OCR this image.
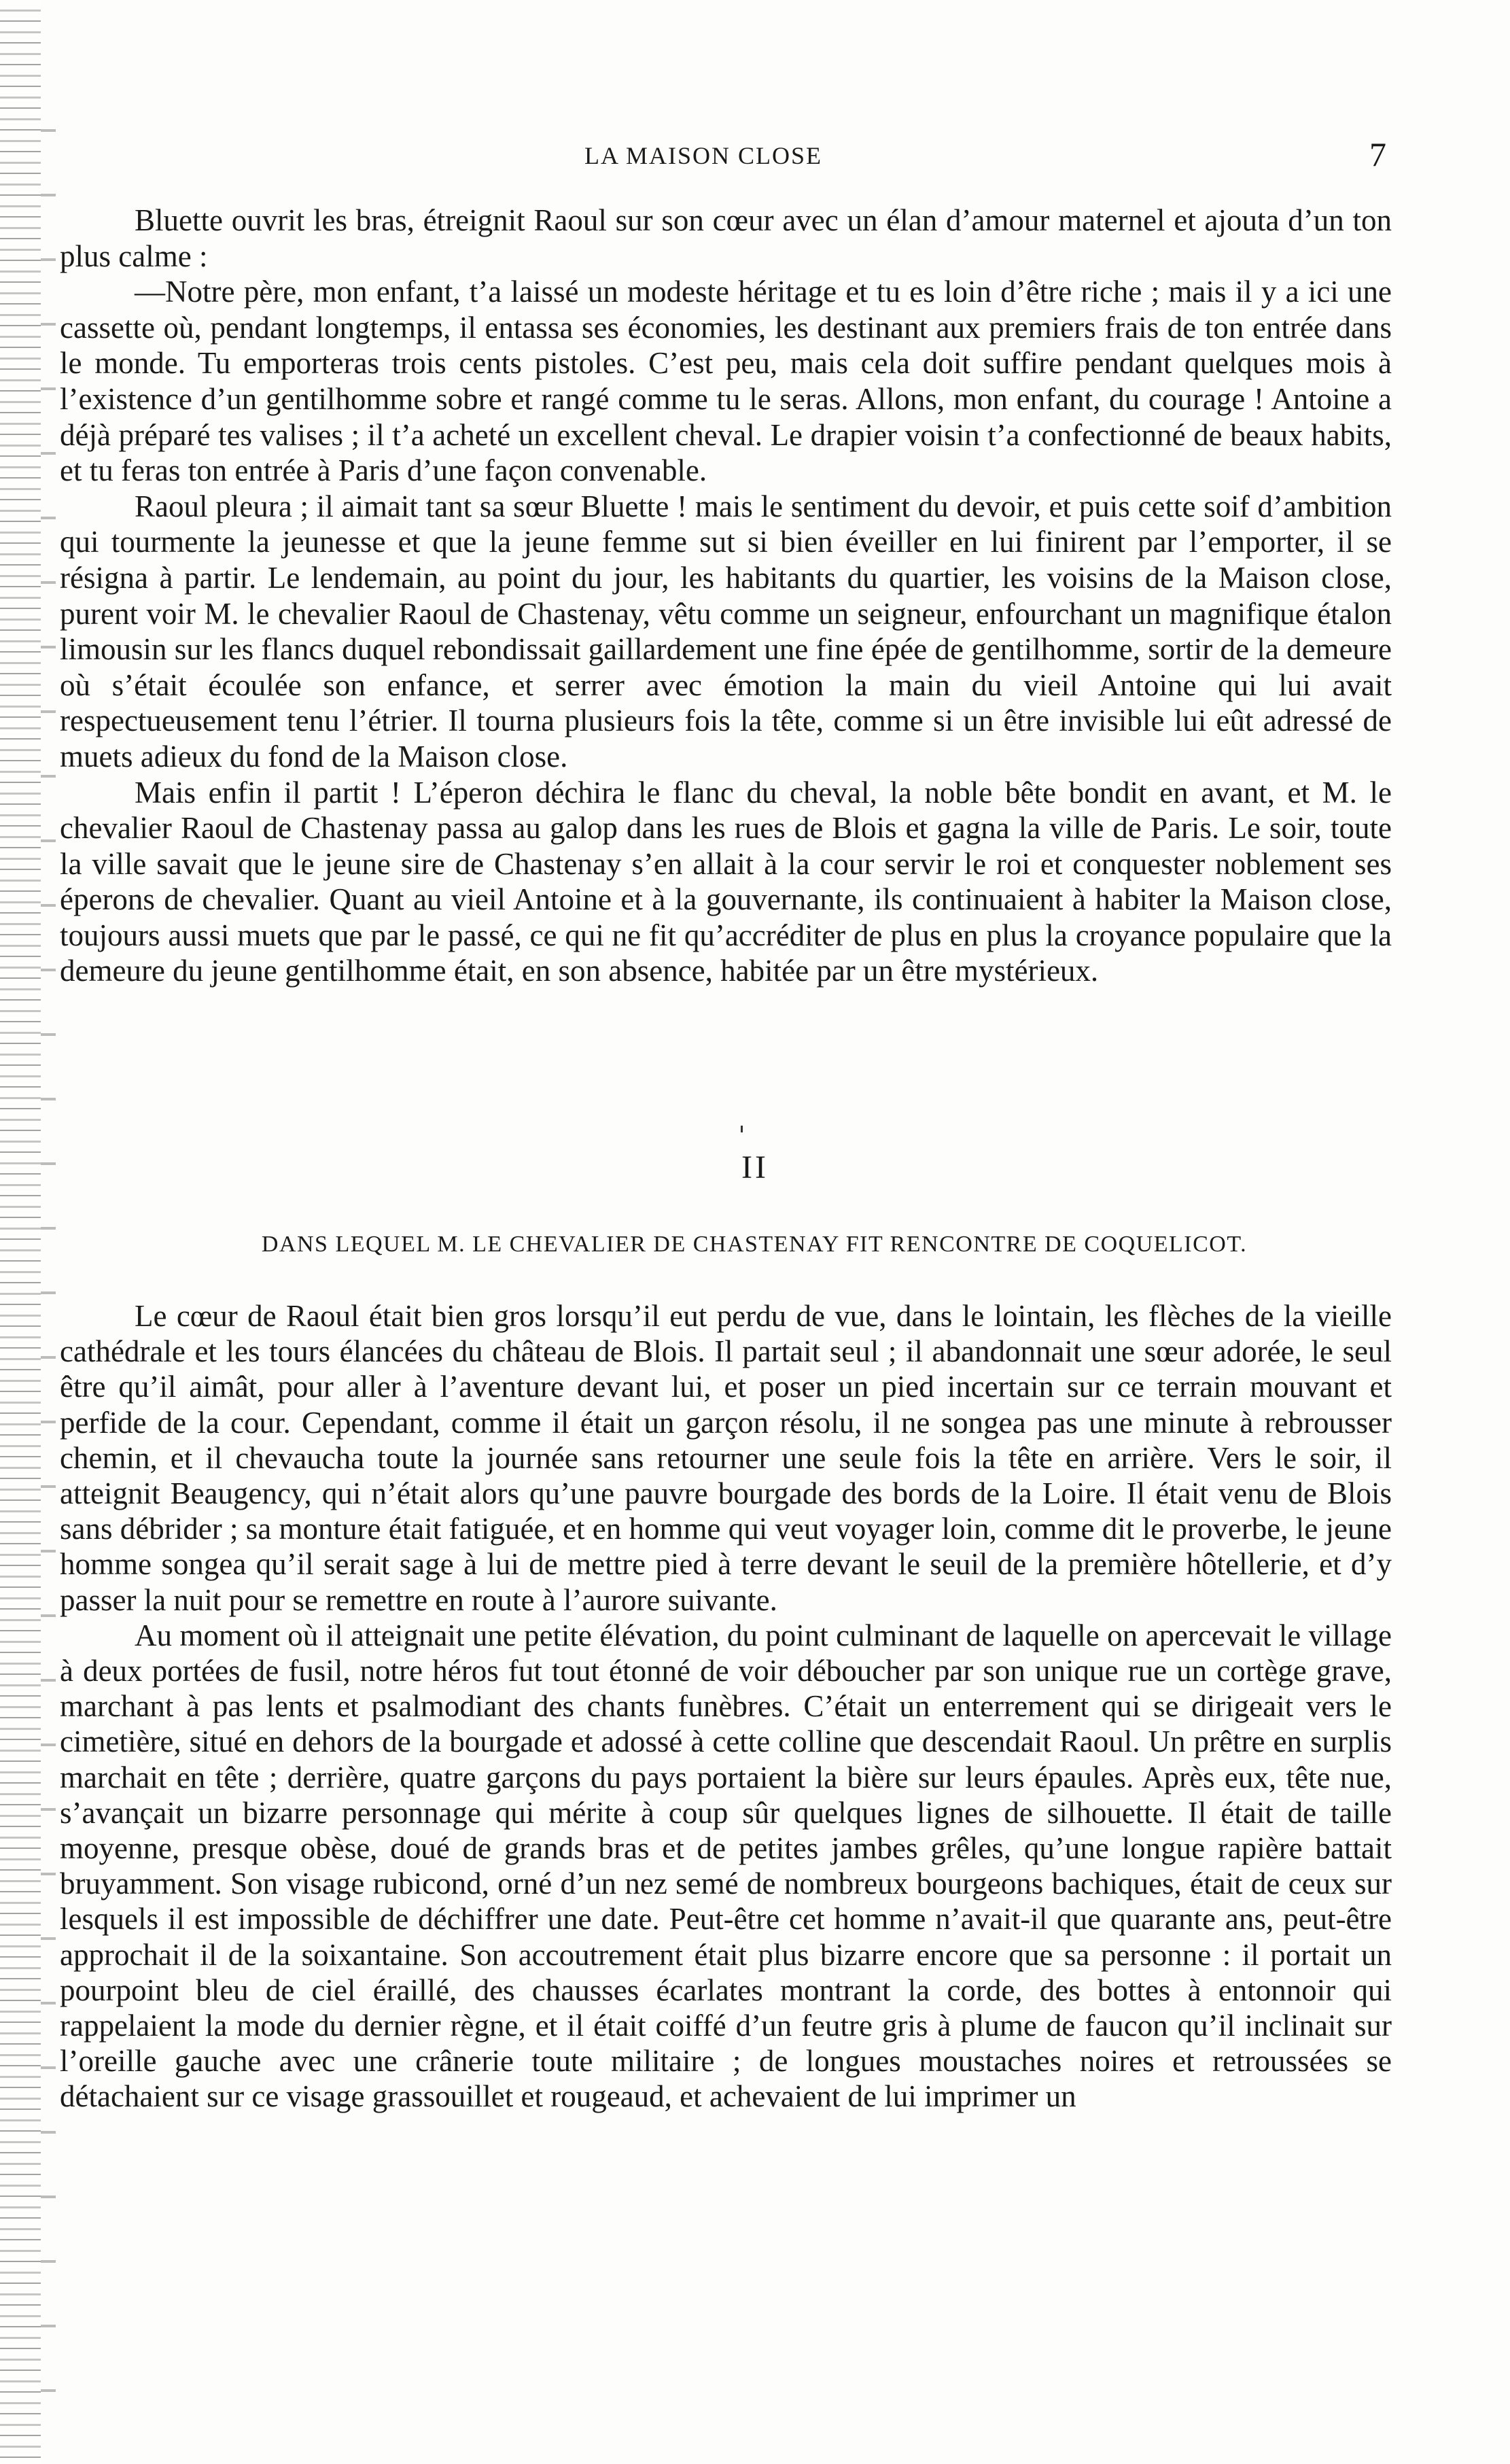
LA MAISON CLOSE	7

Bluette ouvrit les bras, étreignit Raoul sur son cœur avec un élan d’amour maternel et ajouta d’un ton plus calme :

—Notre père, mon enfant, t’a laissé un modeste héritage et tu es loin d’être riche ; mais il y a ici une cassette où, pendant longtemps, il entassa ses économies, les destinant aux premiers frais de ton entrée dans le monde. Tu emporteras trois cents pistoles. C’est peu, mais cela doit suffire pendant quelques mois à l’existence d’un gentilhomme sobre et rangé comme tu le seras. Allons, mon enfant, du courage ! Antoine a déjà préparé tes valises ; il t’a acheté un excellent cheval. Le drapier voisin t’a confectionné de beaux habits, et tu feras ton entrée à Paris d’une façon convenable.

Raoul pleura ; il aimait tant sa sœur Bluette ! mais le sentiment du devoir, et puis cette soif d’ambition qui tourmente la jeunesse et que la jeune femme sut si bien éveiller en lui finirent par l’emporter, il se résigna à partir. Le lendemain, au point du jour, les habitants du quartier, les voisins de la Maison close, purent voir M. le chevalier Raoul de Chastenay, vêtu comme un seigneur, enfourchant un magnifique étalon limousin sur les flancs duquel rebondissait gaillardement une fine épée de gentilhomme, sortir de la demeure où s’était écoulée son enfance, et serrer avec émotion la main du vieil Antoine qui lui avait respectueusement tenu l’étrier. Il tourna plusieurs fois la tête, comme si un être invisible lui eût adressé de muets adieux du fond de la Maison close.

Mais enfin il partit ! L’éperon déchira le flanc du cheval, la noble bête bondit en avant, et M. le chevalier Raoul de Chastenay passa au galop dans les rues de Blois et gagna la ville de Paris. Le soir, toute la ville savait que le jeune sire de Chastenay s’en allait à la cour servir le roi et conquester noblement ses éperons de chevalier. Quant au vieil Antoine et à la gouvernante, ils continuaient à habiter la Maison close, toujours aussi muets que par le passé, ce qui ne fit qu’accréditer de plus en plus la croyance populaire que la demeure du jeune gentilhomme était, en son absence, habitée par un être mystérieux.

II
DANS LEQUEL M. LE CHEVALIER DE CHASTENAY FIT RENCONTRE DE COQUELICOT.

Le cœur de Raoul était bien gros lorsqu’il eut perdu de vue, dans le lointain, les flèches de la vieille cathédrale et les tours élancées du château de Blois. Il partait seul ; il abandonnait une sœur adorée, le seul être qu’il aimât, pour aller à l’aventure devant lui, et poser un pied incertain sur ce terrain mouvant et perfide de la cour. Cependant, comme il était un garçon résolu, il ne songea pas une minute à rebrousser chemin, et il chevaucha toute la journée sans retourner une seule fois la tête en arrière. Vers le soir, il atteignit Beaugency, qui n’était alors qu’une pauvre bourgade des bords de la Loire. Il était venu de Blois sans débrider ; sa monture était fatiguée, et en homme qui veut voyager loin, comme dit le proverbe, le jeune homme songea qu’il serait sage à lui de mettre pied à terre devant le seuil de la première hôtellerie, et d’y passer la nuit pour se remettre en route à l’aurore suivante.

Au moment où il atteignait une petite élévation, du point culminant de laquelle on apercevait le village à deux portées de fusil, notre héros fut tout étonné de voir déboucher par son unique rue un cortège grave, marchant à pas lents et psalmodiant des chants funèbres. C’était un enterrement qui se dirigeait vers le cimetière, situé en dehors de la bourgade et adossé à cette colline que descendait Raoul. Un prêtre en surplis marchait en tête ; derrière, quatre garçons du pays portaient la bière sur leurs épaules. Après eux, tête nue, s’avançait un bizarre personnage qui mérite à coup sûr quelques lignes de silhouette. Il était de taille moyenne, presque obèse, doué de grands bras et de petites jambes grêles, qu’une longue rapière battait bruyamment. Son visage rubicond, orné d’un nez semé de nombreux bourgeons bachiques, était de ceux sur lesquels il est impossible de déchiffrer une date. Peut-être cet homme n’avait-il que quarante ans, peut-être approchait il de la soixantaine. Son accoutrement était plus bizarre encore que sa personne : il portait un pourpoint bleu de ciel éraillé, des chausses écarlates montrant la corde, des bottes à entonnoir qui rappelaient la mode du dernier règne, et il était coiffé d’un feutre gris à plume de faucon qu’il inclinait sur l’oreille gauche avec une crânerie toute militaire ; de longues moustaches noires et retroussées se détachaient sur ce visage grassouillet et rougeaud, et achevaient de lui imprimer un
